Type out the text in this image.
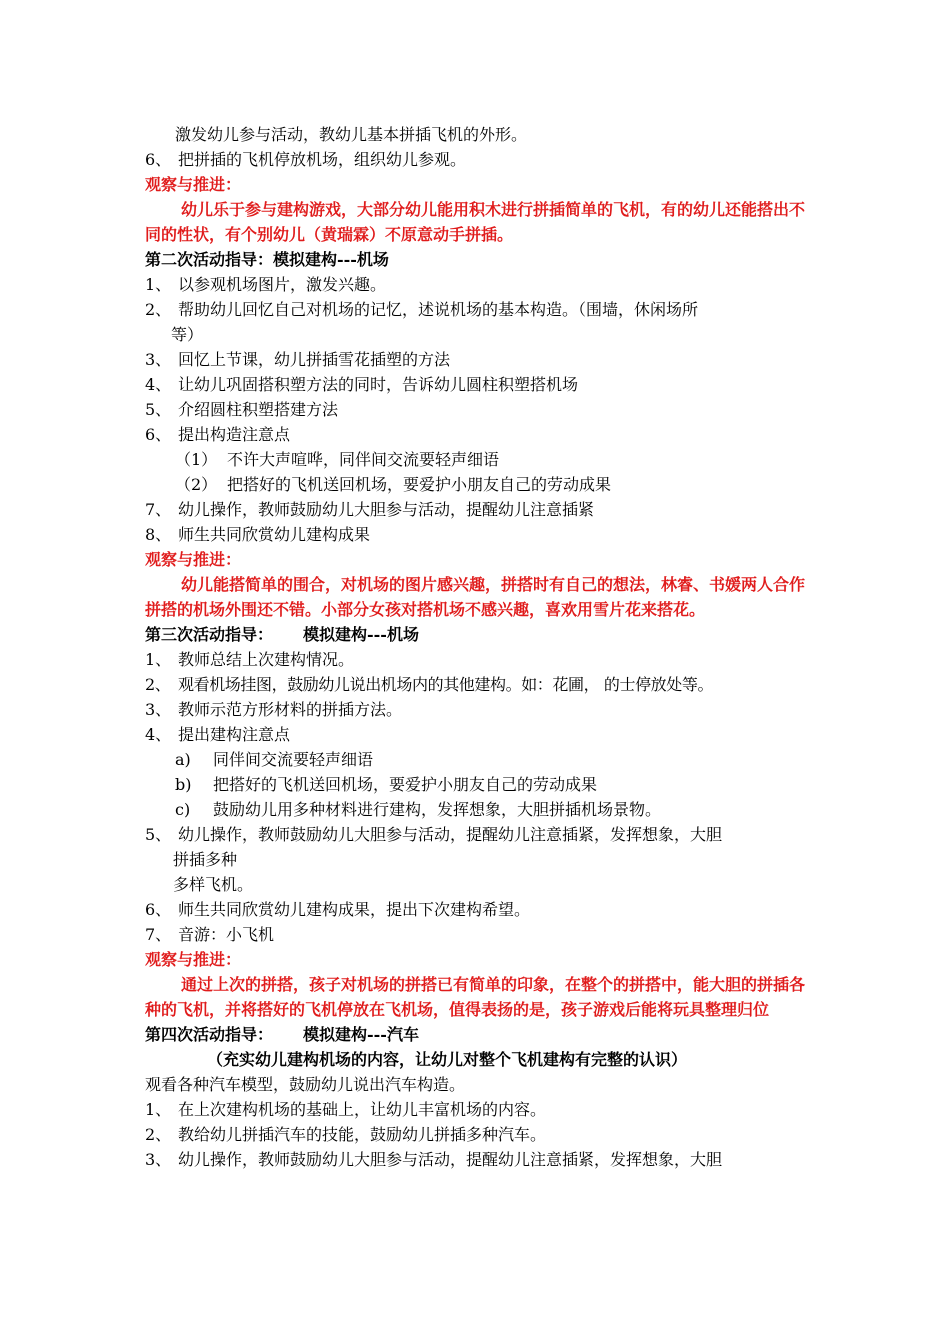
激发幼儿参与活动，教幼儿基本拼插飞机的外形。
6、 把拼插的飞机停放机场，组织幼儿参观。
观察与推进：
幼儿乐于参与建构游戏，大部分幼儿能用积木进行拼插简单的飞机，有的幼儿还能搭出不同的性状，有个别幼儿（黄瑞霖）不原意动手拼插。
第二次活动指导：模拟建构---机场
1、 以参观机场图片，激发兴趣。
2、 帮助幼儿回忆自己对机场的记忆，述说机场的基本构造。（围墙，休闲场所
等）
3、 回忆上节课，幼儿拼插雪花插塑的方法
4、 让幼儿巩固搭积塑方法的同时，告诉幼儿圆柱积塑搭机场
5、 介绍圆柱积塑搭建方法
6、 提出构造注意点
（1） 不许大声喧哗，同伴间交流要轻声细语
（2） 把搭好的飞机送回机场，要爱护小朋友自己的劳动成果
7、 幼儿操作，教师鼓励幼儿大胆参与活动，提醒幼儿注意插紧
8、 师生共同欣赏幼儿建构成果
观察与推进：
幼儿能搭简单的围合，对机场的图片感兴趣，拼搭时有自己的想法，林睿、书媛两人合作拼搭的机场外围还不错。小部分女孩对搭机场不感兴趣，喜欢用雪片花来搭花。
第三次活动指导： 模拟建构---机场
1、 教师总结上次建构情况。
2、 观看机场挂图，鼓励幼儿说出机场内的其他建构。如：花圃， 的士停放处等。
3、 教师示范方形材料的拼插方法。
4、 提出建构注意点
a) 同伴间交流要轻声细语
b) 把搭好的飞机送回机场，要爱护小朋友自己的劳动成果
c) 鼓励幼儿用多种材料进行建构，发挥想象，大胆拼插机场景物。
5、 幼儿操作，教师鼓励幼儿大胆参与活动，提醒幼儿注意插紧，发挥想象，大胆
拼插多种
多样飞机。
6、 师生共同欣赏幼儿建构成果，提出下次建构希望。
7、 音游：小飞机
观察与推进：
通过上次的拼搭，孩子对机场的拼搭已有简单的印象，在整个的拼搭中，能大胆的拼插各种的飞机，并将搭好的飞机停放在飞机场，值得表扬的是，孩子游戏后能将玩具整理归位
第四次活动指导： 模拟建构---汽车
（充实幼儿建构机场的内容，让幼儿对整个飞机建构有完整的认识）
观看各种汽车模型，鼓励幼儿说出汽车构造。
1、 在上次建构机场的基础上，让幼儿丰富机场的内容。
2、 教给幼儿拼插汽车的技能，鼓励幼儿拼插多种汽车。
3、 幼儿操作，教师鼓励幼儿大胆参与活动，提醒幼儿注意插紧，发挥想象，大胆
